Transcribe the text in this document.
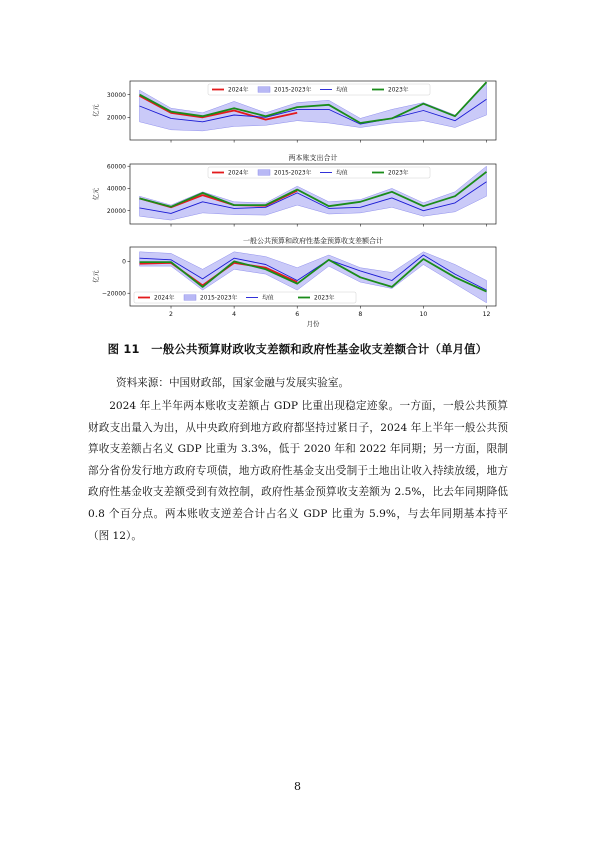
20000
30000
亿元
2024年	2015-2023年	均值	2023年
两本账支出合计
20000
40000
60000
亿元
2024年	2015-2023年	均值	2023年
一般公共预算和政府性基金预算收支差额合计
2	4	6	8	10	12
月份
−20000
0
亿元
2024年	2015-2023年	均值	2023年
图 11　一般公共预算财政收支差额和政府性基金收支差额合计（单月值）
资料来源：中国财政部，国家金融与发展实验室。
2024 年上半年两本账收支差额占 GDP 比重出现稳定迹象。一方面，一般公共预算财政支出量入为出，从中央政府到地方政府都坚持过紧日子，2024 年上半年一般公共预算收支差额占名义 GDP 比重为 3.3%，低于 2020 年和 2022 年同期；另一方面，限制部分省份发行地方政府专项债，地方政府性基金支出受制于土地出让收入持续放缓，地方政府性基金收支差额受到有效控制，政府性基金预算收支差额为 2.5%，比去年同期降低 0.8 个百分点。两本账收支逆差合计占名义 GDP 比重为 5.9%，与去年同期基本持平（图 12）。
8
